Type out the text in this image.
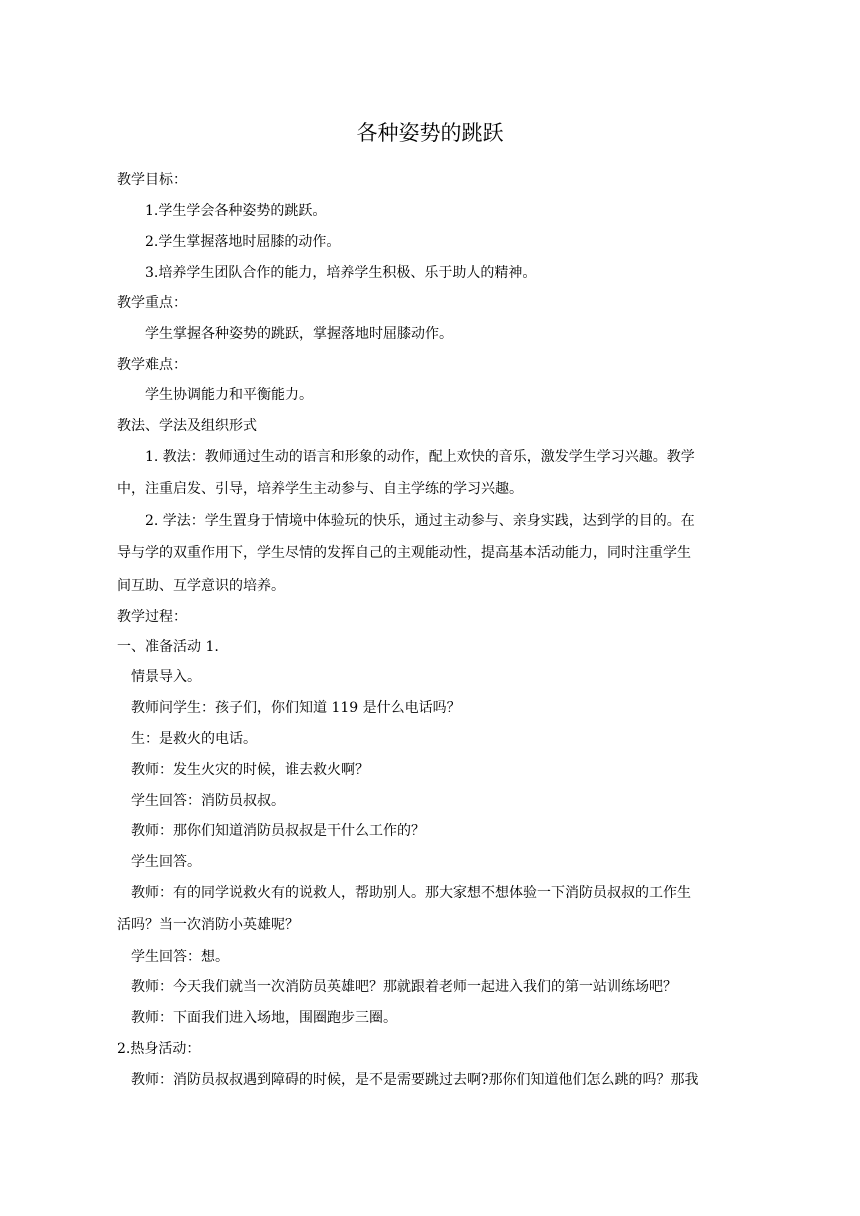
各种姿势的跳跃
教学目标：
1.学生学会各种姿势的跳跃。
2.学生掌握落地时屈膝的动作。
3.培养学生团队合作的能力，培养学生积极、乐于助人的精神。
教学重点：
学生掌握各种姿势的跳跃，掌握落地时屈膝动作。
教学难点：
学生协调能力和平衡能力。
教法、学法及组织形式
1. 教法：教师通过生动的语言和形象的动作，配上欢快的音乐，激发学生学习兴趣。教学
中，注重启发、引导，培养学生主动参与、自主学练的学习兴趣。
2. 学法：学生置身于情境中体验玩的快乐，通过主动参与、亲身实践，达到学的目的。在
导与学的双重作用下，学生尽情的发挥自己的主观能动性，提高基本活动能力，同时注重学生
间互助、互学意识的培养。
教学过程：
一、准备活动 1.
情景导入。
教师问学生：孩子们，你们知道 119 是什么电话吗？
生：是救火的电话。
教师：发生火灾的时候，谁去救火啊？
学生回答：消防员叔叔。
教师：那你们知道消防员叔叔是干什么工作的？
学生回答。
教师：有的同学说救火有的说救人，帮助别人。那大家想不想体验一下消防员叔叔的工作生
活吗？当一次消防小英雄呢？
学生回答：想。
教师：今天我们就当一次消防员英雄吧？那就跟着老师一起进入我们的第一站训练场吧？
教师：下面我们进入场地，围圈跑步三圈。
2.热身活动：
教师：消防员叔叔遇到障碍的时候，是不是需要跳过去啊?那你们知道他们怎么跳的吗？那我
